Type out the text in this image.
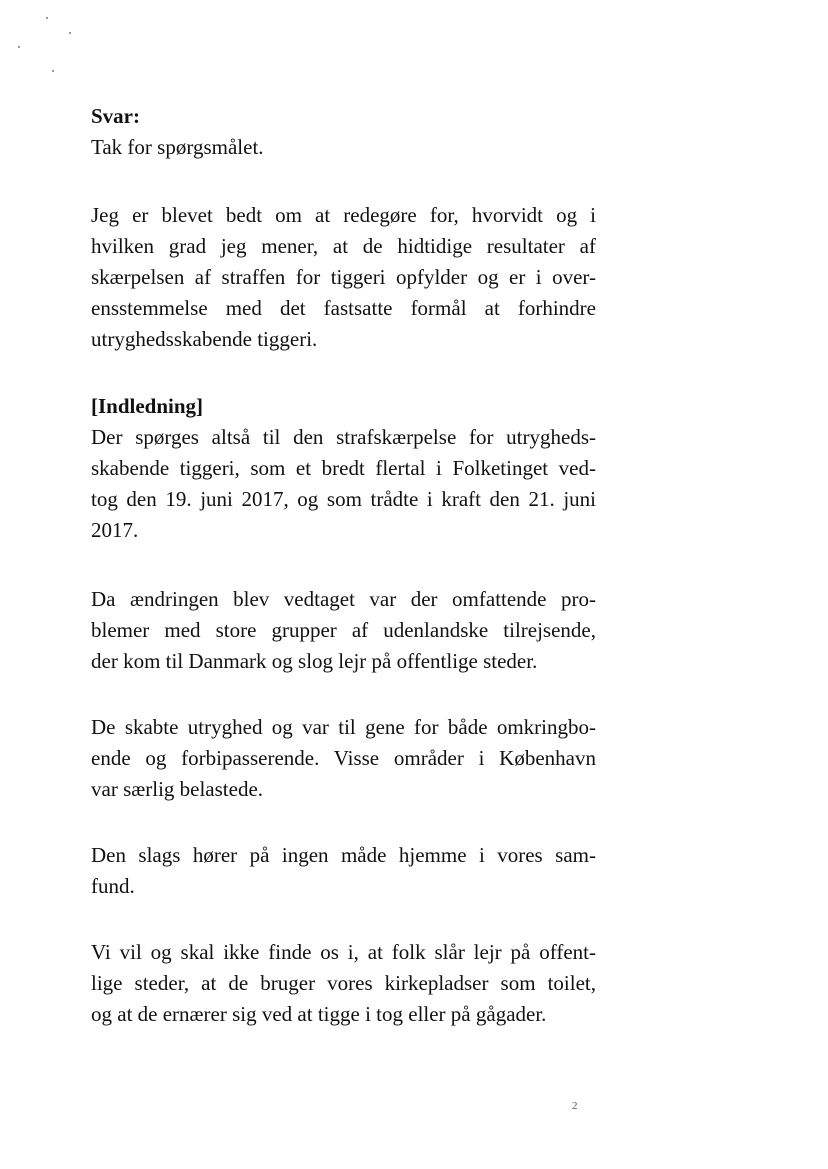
Svar:
Tak for spørgsmålet.
Jeg er blevet bedt om at redegøre for, hvorvidt og i
hvilken grad jeg mener, at de hidtidige resultater af
skærpelsen af straffen for tiggeri opfylder og er i over-
ensstemmelse med det fastsatte formål at forhindre
utryghedsskabende tiggeri.
[Indledning]
Der spørges altså til den strafskærpelse for utrygheds-
skabende tiggeri, som et bredt flertal i Folketinget ved-
tog den 19. juni 2017, og som trådte i kraft den 21. juni
2017.
Da ændringen blev vedtaget var der omfattende pro-
blemer med store grupper af udenlandske tilrejsende,
der kom til Danmark og slog lejr på offentlige steder.
De skabte utryghed og var til gene for både omkringbo-
ende og forbipasserende. Visse områder i København
var særlig belastede.
Den slags hører på ingen måde hjemme i vores sam-
fund.
Vi vil og skal ikke finde os i, at folk slår lejr på offent-
lige steder, at de bruger vores kirkepladser som toilet,
og at de ernærer sig ved at tigge i tog eller på gågader.
2
